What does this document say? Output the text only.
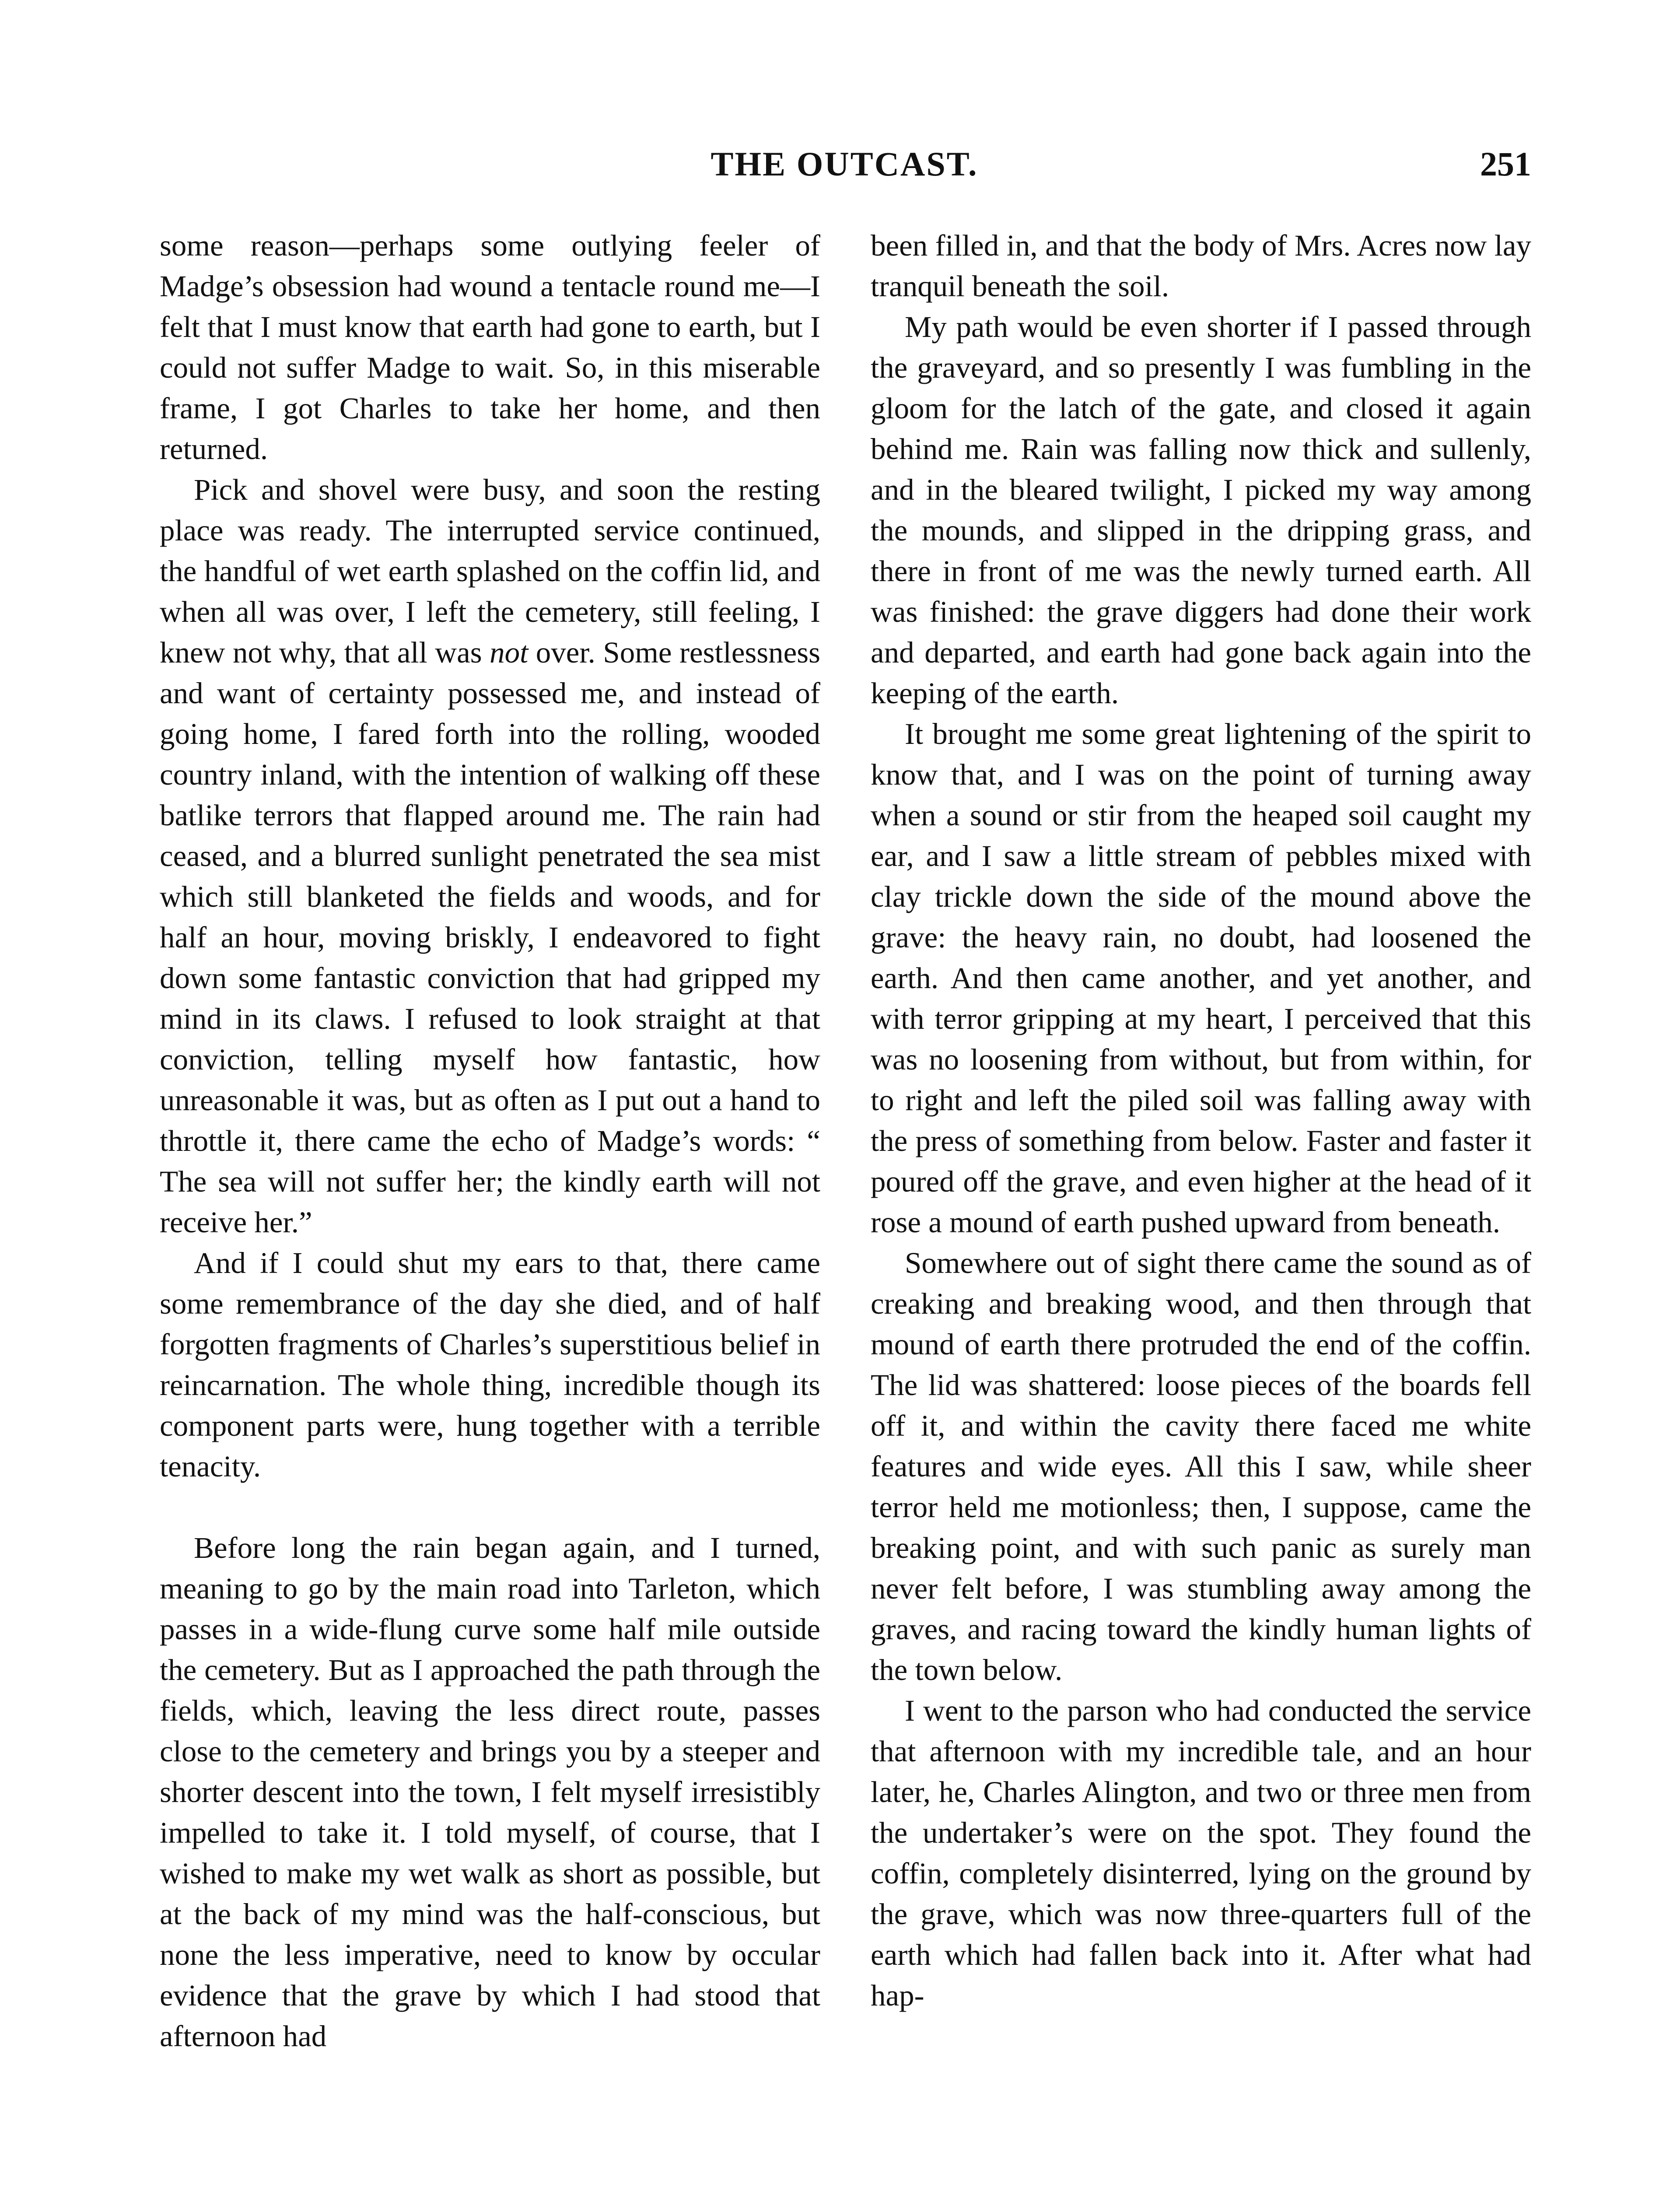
THE OUTCAST.	251

some reason—perhaps some outlying feeler of Madge’s obsession had wound a tentacle round me—I felt that I must know that earth had gone to earth, but I could not suffer Madge to wait. So, in this miserable frame, I got Charles to take her home, and then returned.

Pick and shovel were busy, and soon the resting place was ready. The interrupted service continued, the handful of wet earth splashed on the coffin lid, and when all was over, I left the cemetery, still feeling, I knew not why, that all was not over. Some restlessness and want of certainty possessed me, and instead of going home, I fared forth into the rolling, wooded country inland, with the intention of walking off these batlike terrors that flapped around me. The rain had ceased, and a blurred sunlight penetrated the sea mist which still blanketed the fields and woods, and for half an hour, moving briskly, I endeavored to fight down some fantastic conviction that had gripped my mind in its claws. I refused to look straight at that conviction, telling myself how fantastic, how unreasonable it was, but as often as I put out a hand to throttle it, there came the echo of Madge’s words: “ The sea will not suffer her; the kindly earth will not receive her.”

And if I could shut my ears to that, there came some remembrance of the day she died, and of half forgotten fragments of Charles’s superstitious belief in reincarnation. The whole thing, incredible though its component parts were, hung together with a terrible tenacity.

Before long the rain began again, and I turned, meaning to go by the main road into Tarleton, which passes in a wide-flung curve some half mile outside the cemetery. But as I approached the path through the fields, which, leaving the less direct route, passes close to the cemetery and brings you by a steeper and shorter descent into the town, I felt myself irresistibly impelled to take it. I told myself, of course, that I wished to make my wet walk as short as possible, but at the back of my mind was the half-conscious, but none the less imperative, need to know by occular evidence that the grave by which I had stood that afternoon had

been filled in, and that the body of Mrs. Acres now lay tranquil beneath the soil.

My path would be even shorter if I passed through the graveyard, and so presently I was fumbling in the gloom for the latch of the gate, and closed it again behind me. Rain was falling now thick and sullenly, and in the bleared twilight, I picked my way among the mounds, and slipped in the dripping grass, and there in front of me was the newly turned earth. All was finished: the grave diggers had done their work and departed, and earth had gone back again into the keeping of the earth.

It brought me some great lightening of the spirit to know that, and I was on the point of turning away when a sound or stir from the heaped soil caught my ear, and I saw a little stream of pebbles mixed with clay trickle down the side of the mound above the grave: the heavy rain, no doubt, had loosened the earth. And then came another, and yet another, and with terror gripping at my heart, I perceived that this was no loosening from without, but from within, for to right and left the piled soil was falling away with the press of something from below. Faster and faster it poured off the grave, and even higher at the head of it rose a mound of earth pushed upward from beneath.

Somewhere out of sight there came the sound as of creaking and breaking wood, and then through that mound of earth there protruded the end of the coffin. The lid was shattered: loose pieces of the boards fell off it, and within the cavity there faced me white features and wide eyes. All this I saw, while sheer terror held me motionless; then, I suppose, came the breaking point, and with such panic as surely man never felt before, I was stumbling away among the graves, and racing toward the kindly human lights of the town below.

I went to the parson who had conducted the service that afternoon with my incredible tale, and an hour later, he, Charles Alington, and two or three men from the undertaker’s were on the spot. They found the coffin, completely disinterred, lying on the ground by the grave, which was now three-quarters full of the earth which had fallen back into it. After what had hap-
